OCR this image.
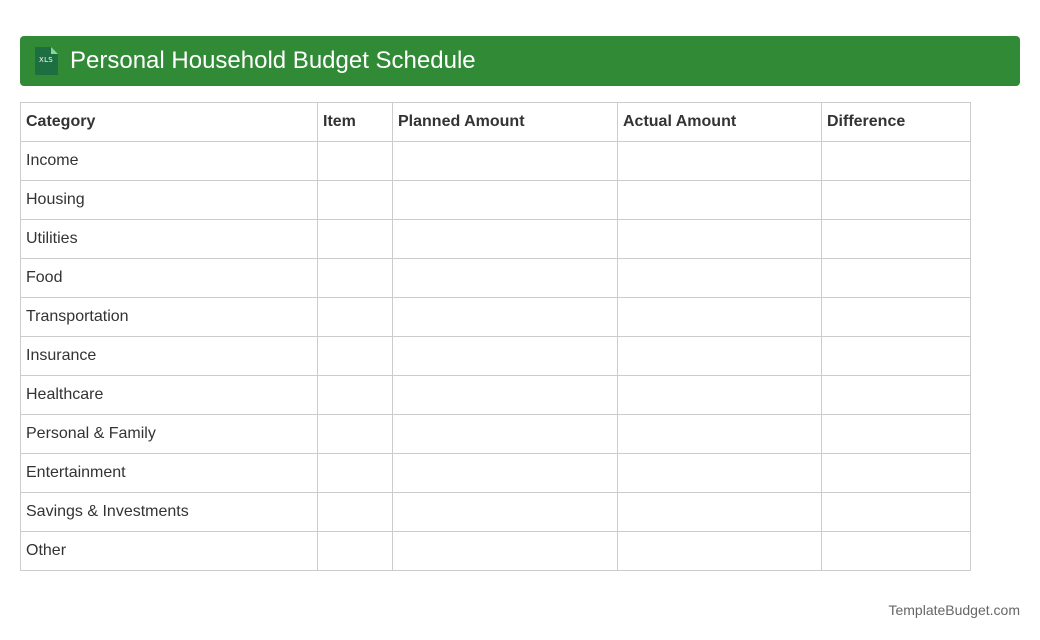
XLS Personal Household Budget Schedule
Category	Item	Planned Amount	Actual Amount	Difference
Income				
Housing				
Utilities				
Food				
Transportation				
Insurance				
Healthcare				
Personal & Family				
Entertainment				
Savings & Investments				
Other				
TemplateBudget.com
